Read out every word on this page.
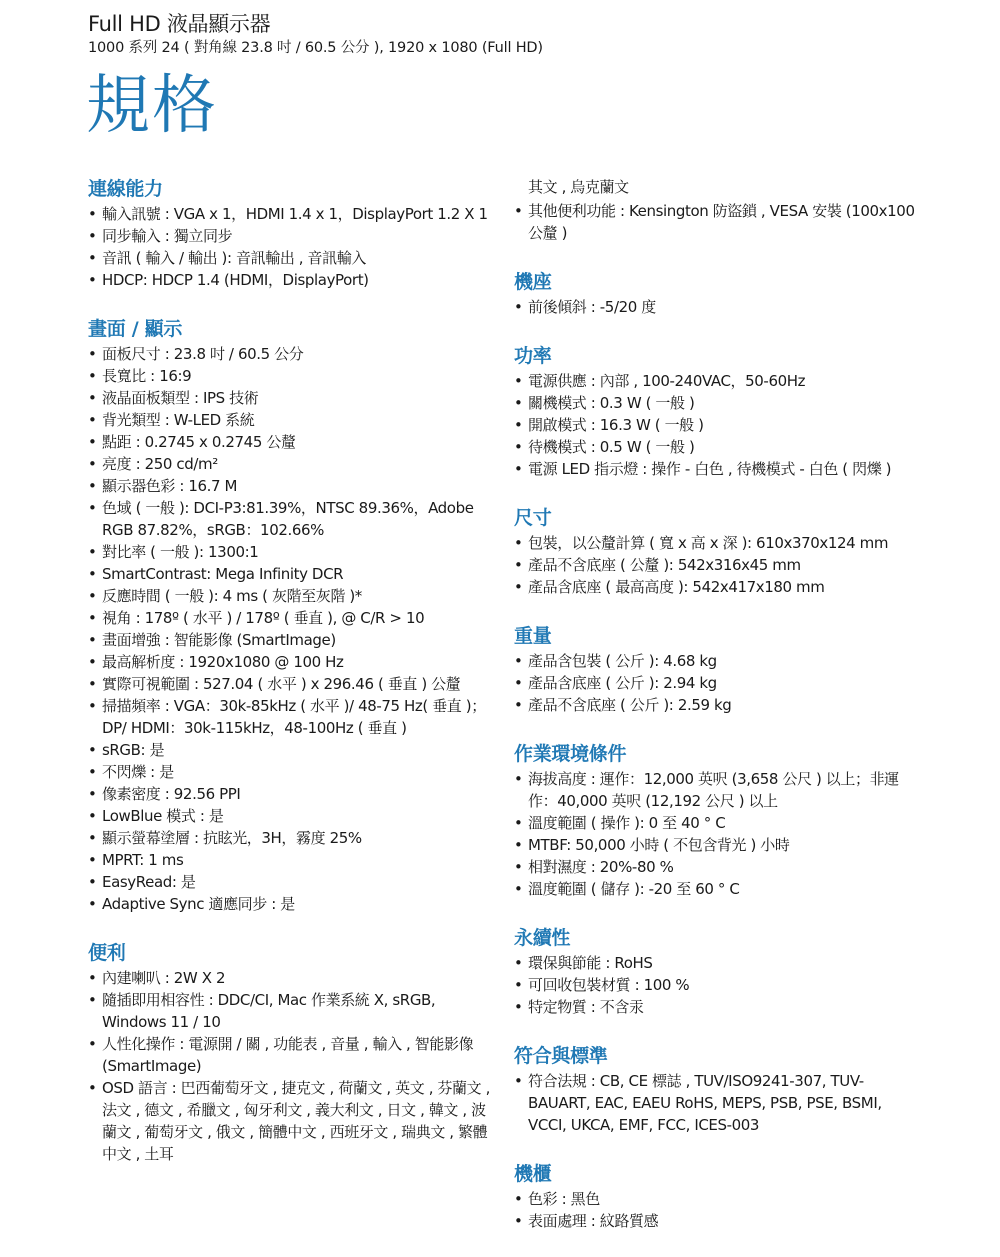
Full HD 液晶顯示器
1000 系列 24 ( 對角線 23.8 吋 / 60.5 公分 ), 1920 x 1080 (Full HD)
規格
連線能力
• 輸入訊號 : VGA x 1，HDMI 1.4 x 1，DisplayPort 1.2 X 1
• 同步輸入 : 獨立同步
• 音訊 ( 輸入 / 輸出 ): 音訊輸出 , 音訊輸入
• HDCP: HDCP 1.4 (HDMI，DisplayPort)
畫面 / 顯示
• 面板尺寸 : 23.8 吋 / 60.5 公分
• 長寬比 : 16:9
• 液晶面板類型 : IPS 技術
• 背光類型 : W-LED 系統
• 點距 : 0.2745 x 0.2745 公釐
• 亮度 : 250 cd/m²
• 顯示器色彩 : 16.7 M
• 色域 ( 一般 ): DCI-P3:81.39%，NTSC 89.36%，Adobe RGB 87.82%，sRGB：102.66%
• 對比率 ( 一般 ): 1300:1
• SmartContrast: Mega Infinity DCR
• 反應時間 ( 一般 ): 4 ms ( 灰階至灰階 )*
• 視角 : 178º ( 水平 ) / 178º ( 垂直 ), @ C/R > 10
• 畫面增強 : 智能影像 (SmartImage)
• 最高解析度 : 1920x1080 @ 100 Hz
• 實際可視範圍 : 527.04 ( 水平 ) x 296.46 ( 垂直 ) 公釐
• 掃描頻率 : VGA：30k-85kHz ( 水平 )/ 48-75 Hz( 垂直 )；DP/ HDMI：30k-115kHz，48-100Hz ( 垂直 )
• sRGB: 是
• 不閃爍 : 是
• 像素密度 : 92.56 PPI
• LowBlue 模式 : 是
• 顯示螢幕塗層 : 抗眩光，3H，霧度 25%
• MPRT: 1 ms
• EasyRead: 是
• Adaptive Sync 適應同步 : 是
便利
• 內建喇叭 : 2W X 2
• 隨插即用相容性 : DDC/CI, Mac 作業系統 X, sRGB, Windows 11 / 10
• 人性化操作 : 電源開 / 關 , 功能表 , 音量 , 輸入 , 智能影像 (SmartImage)
• OSD 語言 : 巴西葡萄牙文 , 捷克文 , 荷蘭文 , 英文 , 芬蘭文 , 法文 , 德文 , 希臘文 , 匈牙利文 , 義大利文 , 日文 , 韓文 , 波蘭文 , 葡萄牙文 , 俄文 , 簡體中文 , 西班牙文 , 瑞典文 , 繁體中文 , 土耳
其文 , 烏克蘭文
• 其他便利功能 : Kensington 防盜鎖 , VESA 安裝 (100x100 公釐 )
機座
• 前後傾斜 : -5/20 度
功率
• 電源供應 : 內部 , 100-240VAC，50-60Hz
• 關機模式 : 0.3 W ( 一般 )
• 開啟模式 : 16.3 W ( 一般 )
• 待機模式 : 0.5 W ( 一般 )
• 電源 LED 指示燈 : 操作 - 白色 , 待機模式 - 白色 ( 閃爍 )
尺寸
• 包裝，以公釐計算 ( 寬 x 高 x 深 ): 610x370x124 mm
• 產品不含底座 ( 公釐 ): 542x316x45 mm
• 產品含底座 ( 最高高度 ): 542x417x180 mm
重量
• 產品含包裝 ( 公斤 ): 4.68 kg
• 產品含底座 ( 公斤 ): 2.94 kg
• 產品不含底座 ( 公斤 ): 2.59 kg
作業環境條件
• 海拔高度 : 運作：12,000 英呎 (3,658 公尺 ) 以上；非運作：40,000 英呎 (12,192 公尺 ) 以上
• 溫度範圍 ( 操作 ): 0 至 40 ° C
• MTBF: 50,000 小時 ( 不包含背光 ) 小時
• 相對濕度 : 20%-80 %
• 溫度範圍 ( 儲存 ): -20 至 60 ° C
永續性
• 環保與節能 : RoHS
• 可回收包裝材質 : 100 %
• 特定物質 : 不含汞
符合與標準
• 符合法規 : CB, CE 標誌 , TUV/ISO9241-307, TUV-BAUART, EAC, EAEU RoHS, MEPS, PSB, PSE, BSMI, VCCI, UKCA, EMF, FCC, ICES-003
機櫃
• 色彩 : 黑色
• 表面處理 : 紋路質感
